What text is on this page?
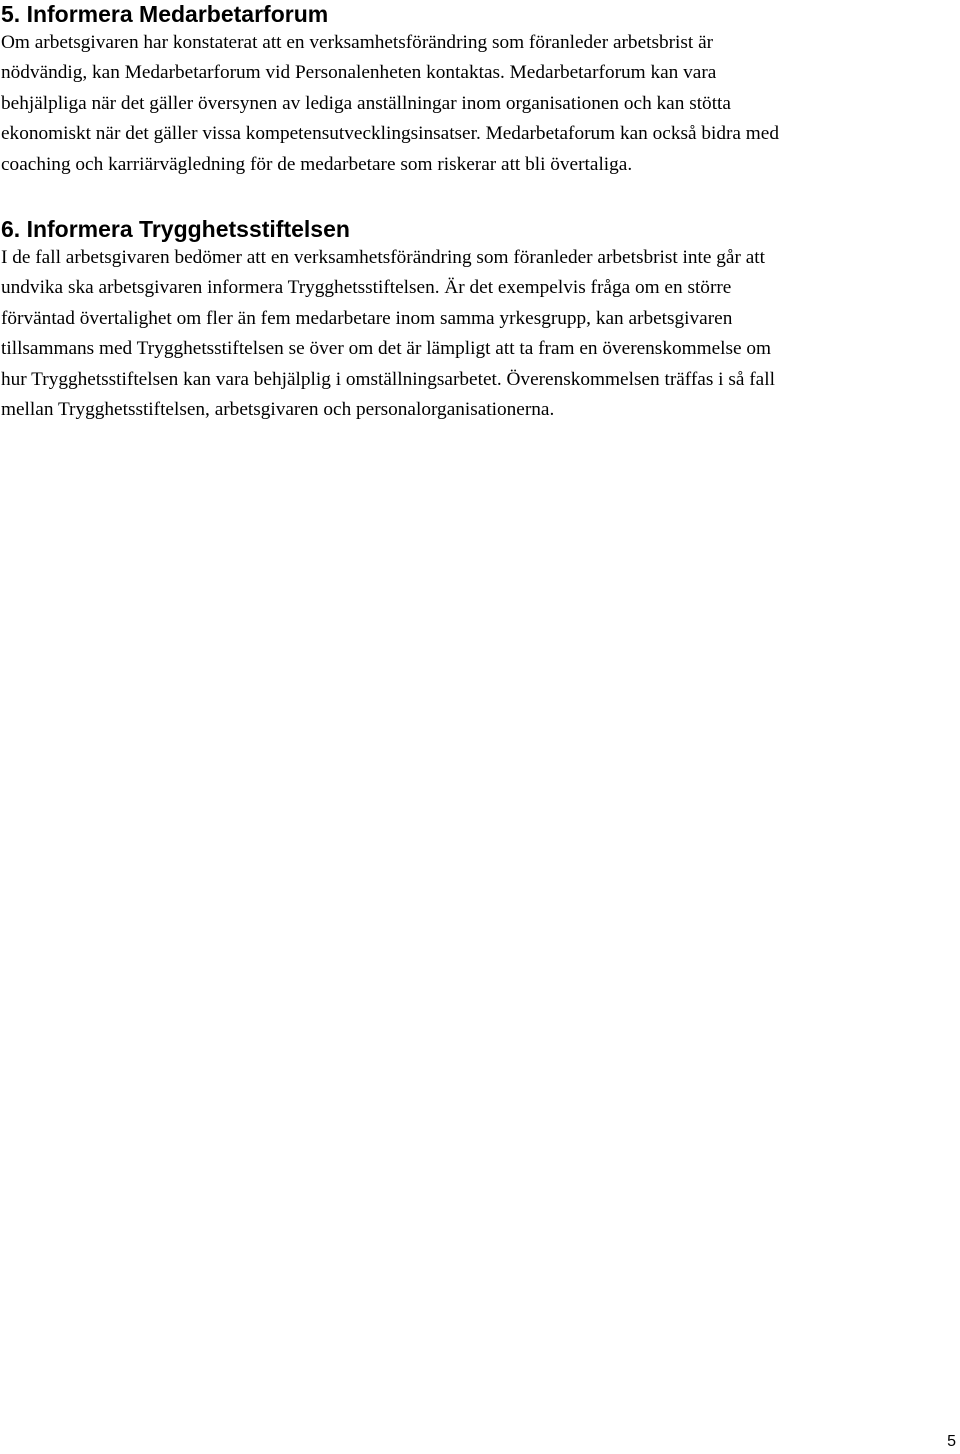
5. Informera Medarbetarforum

Om arbetsgivaren har konstaterat att en verksamhetsförändring som föranleder arbetsbrist är
nödvändig, kan Medarbetarforum vid Personalenheten kontaktas. Medarbetarforum kan vara
behjälpliga när det gäller översynen av lediga anställningar inom organisationen och kan stötta
ekonomiskt när det gäller vissa kompetensutvecklingsinsatser. Medarbetaforum kan också bidra med
coaching och karriärvägledning för de medarbetare som riskerar att bli övertaliga.

6. Informera Trygghetsstiftelsen

I de fall arbetsgivaren bedömer att en verksamhetsförändring som föranleder arbetsbrist inte går att
undvika ska arbetsgivaren informera Trygghetsstiftelsen. Är det exempelvis fråga om en större
förväntad övertalighet om fler än fem medarbetare inom samma yrkesgrupp, kan arbetsgivaren
tillsammans med Trygghetsstiftelsen se över om det är lämpligt att ta fram en överenskommelse om
hur Trygghetsstiftelsen kan vara behjälplig i omställningsarbetet. Överenskommelsen träffas i så fall
mellan Trygghetsstiftelsen, arbetsgivaren och personalorganisationerna.

5
